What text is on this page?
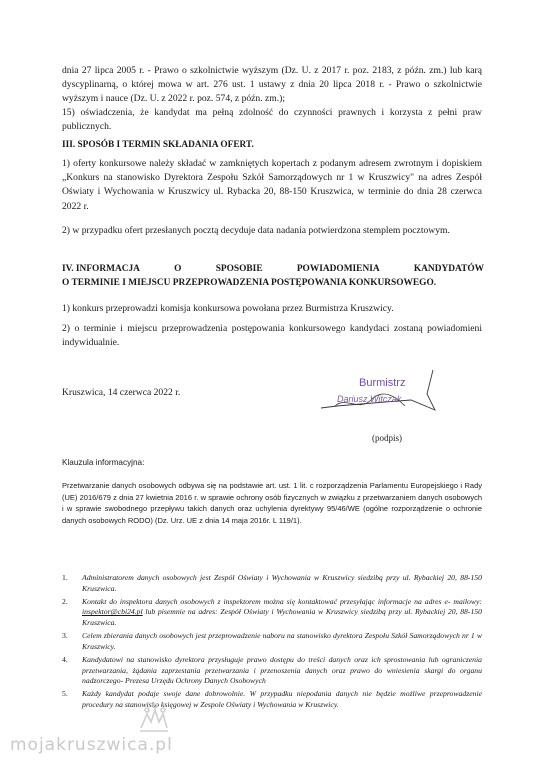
dnia 27 lipca 2005 r. - Prawo o szkolnictwie wyższym (Dz. U. z 2017 r. poz. 2183, z późn. zm.) lub karą dyscyplinarną, o której mowa w art. 276 ust. 1 ustawy z dnia 20 lipca 2018 r. - Prawo o szkolnictwie wyższym i nauce (Dz. U. z 2022 r. poz. 574, z późn. zm.);

15) oświadczenia, że kandydat ma pełną zdolność do czynności prawnych i korzysta z pełni praw publicznych.

III. SPOSÓB I TERMIN SKŁADANIA OFERT.

1) oferty konkursowe należy składać w zamkniętych kopertach z podanym adresem zwrotnym i dopiskiem „Konkurs na stanowisko Dyrektora Zespołu Szkół Samorządowych nr 1 w Kruszwicy" na adres Zespół Oświaty i Wychowania w Kruszwicy ul. Rybacka 20, 88-150 Kruszwica, w terminie do dnia 28 czerwca 2022 r.

2) w przypadku ofert przesłanych pocztą decyduje data nadania potwierdzona stemplem pocztowym.

IV. INFORMACJA	O	SPOSOBIE	POWIADOMIENIA	KANDYDATÓW
O TERMINIE I MIEJSCU PRZEPROWADZENIA POSTĘPOWANIA KONKURSOWEGO.

1) konkurs przeprowadzi komisja konkursowa powołana przez Burmistrza Kruszwicy.

2) o terminie i miejscu przeprowadzenia postępowania konkursowego kandydaci zostaną powiadomieni indywidualnie.

Kruszwica, 14 czerwca 2022 r.

Burmistrz
Dariusz Witczak
(podpis)
Klauzula informacyjna:

Przetwarzanie danych osobowych odbywa się na podstawie art. ust. 1 lit. c rozporządzenia Parlamentu Europejskiego i Rady (UE) 2016/679 z dnia 27 kwietnia 2016 r. w sprawie ochrony osób fizycznych w związku z przetwarzaniem danych osobowych i w sprawie swobodnego przepływu takich danych oraz uchylenia dyrektywy 95/46/WE (ogólne rozporządzenie o ochronie danych osobowych RODO) (Dz. Urz. UE z dnia 14 maja 2016r. L 119/1).

1. Administratorem danych osobowych jest Zespół Oświaty i Wychowania w Kruszwicy siedzibą przy ul. Rybackiej 20, 88-150 Kruszwica.
2. Kontakt do inspektora danych osobowych z inspektorem można się kontaktować przesyłając informacje na adres e- mailowy: inspektor@cbi24.pl lub pisemnie na adres: Zespół Oświaty i Wychowania w Kruszwicy siedzibą przy ul. Rybackiej 20, 88-150 Kruszwica.
3. Celem zbierania danych osobowych jest przeprowadzenie naboru na stanowisko dyrektora Zespołu Szkół Samorządowych nr 1 w Kruszwicy.
4. Kandydatowi na stanowisko dyrektora przysługuje prawo dostępu do treści danych oraz ich sprostowania lub ograniczenia przetwarzania, żądania zaprzestania przetwarzania i przenoszenia danych oraz prawo do wniesienia skargi do organu nadzorczego- Prezesa Urzędu Ochrony Danych Osobowych
5. Każdy kandydat podaje swoje dane dobrowolnie. W przypadku niepodania danych nie będzie możliwe przeprowadzenie procedury na stanowisko księgowej w Zespole Oświaty i Wychowania w Kruszwicy.
mojakruszwica.pl
